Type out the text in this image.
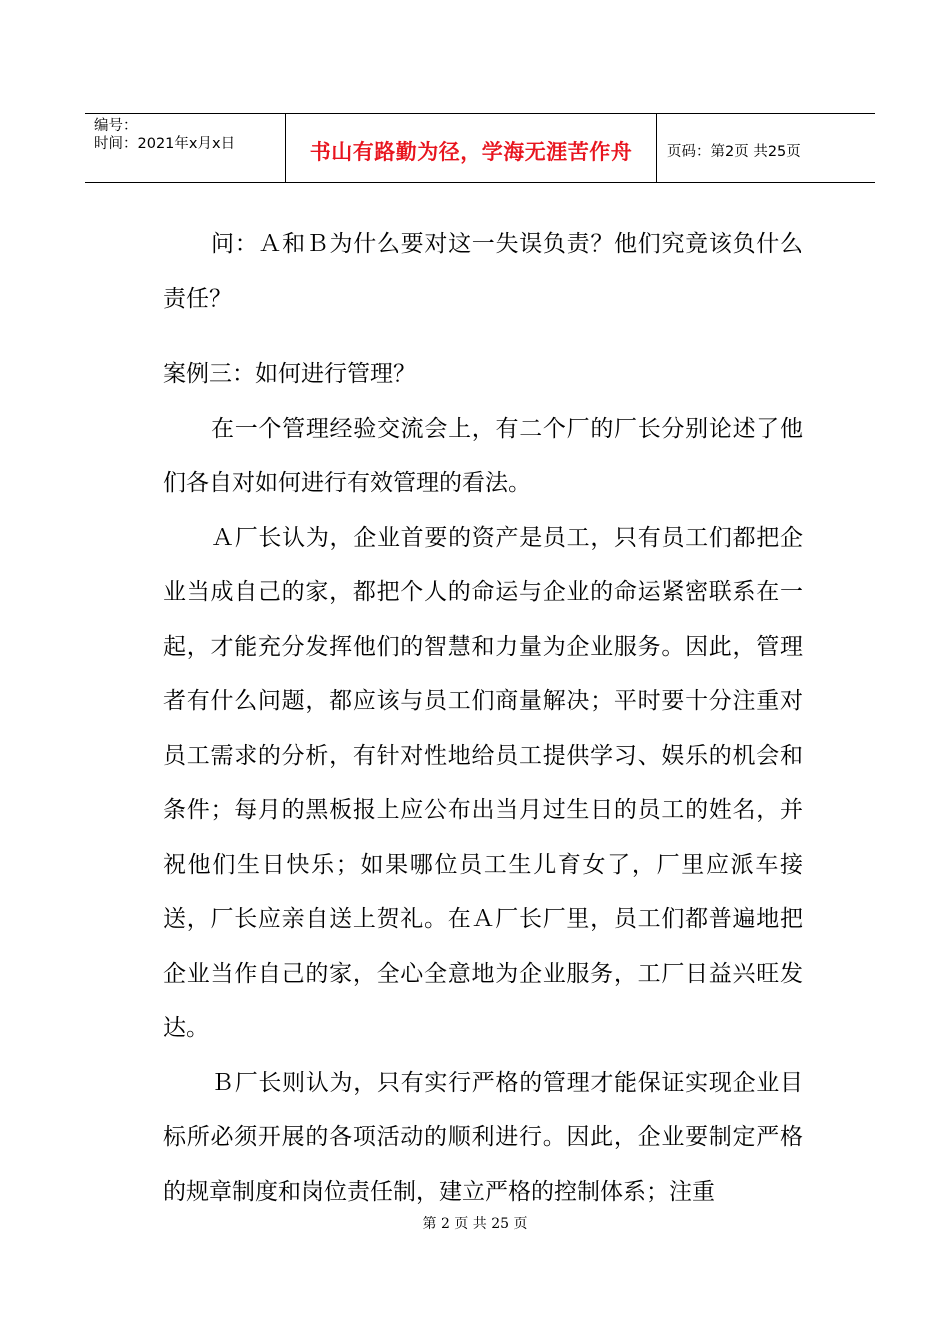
编号：
时间：2021年x月x日	书山有路勤为径，学海无涯苦作舟	页码：第2页 共25页

问：Ａ和Ｂ为什么要对这一失误负责？他们究竟该负什么责任？

案例三：如何进行管理？

在一个管理经验交流会上，有二个厂的厂长分别论述了他们各自对如何进行有效管理的看法。

Ａ厂长认为，企业首要的资产是员工，只有员工们都把企业当成自己的家，都把个人的命运与企业的命运紧密联系在一起，才能充分发挥他们的智慧和力量为企业服务。因此，管理者有什么问题，都应该与员工们商量解决；平时要十分注重对员工需求的分析，有针对性地给员工提供学习、娱乐的机会和条件；每月的黑板报上应公布出当月过生日的员工的姓名，并祝他们生日快乐；如果哪位员工生儿育女了，厂里应派车接送，厂长应亲自送上贺礼。在Ａ厂长厂里，员工们都普遍地把企业当作自己的家，全心全意地为企业服务，工厂日益兴旺发达。

Ｂ厂长则认为，只有实行严格的管理才能保证实现企业目标所必须开展的各项活动的顺利进行。因此，企业要制定严格的规章制度和岗位责任制，建立严格的控制体系；注重

第 2 页 共 25 页
